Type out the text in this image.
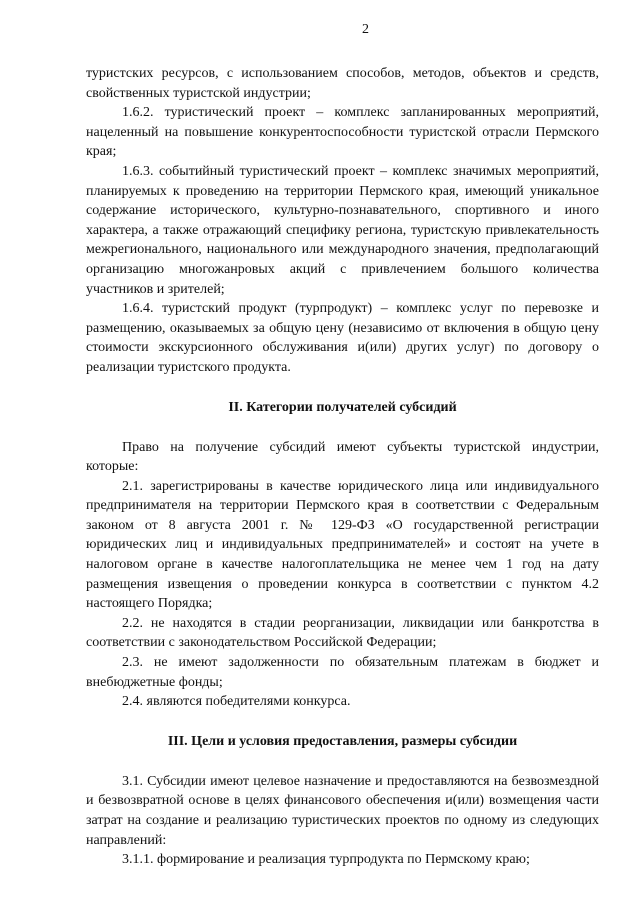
2

туристских ресурсов, с использованием способов, методов, объектов и средств, свойственных туристской индустрии;

1.6.2. туристический проект – комплекс запланированных мероприятий, нацеленный на повышение конкурентоспособности туристской отрасли Пермского края;

1.6.3. событийный туристический проект – комплекс значимых мероприятий, планируемых к проведению на территории Пермского края, имеющий уникальное содержание исторического, культурно-познавательного, спортивного и иного характера, а также отражающий специфику региона, туристскую привлекательность межрегионального, национального или международного значения, предполагающий организацию многожанровых акций с привлечением большого количества участников и зрителей;

1.6.4. туристский продукт (турпродукт) – комплекс услуг по перевозке и размещению, оказываемых за общую цену (независимо от включения в общую цену стоимости экскурсионного обслуживания и(или) других услуг) по договору о реализации туристского продукта.

II. Категории получателей субсидий

Право на получение субсидий имеют субъекты туристской индустрии, которые:

2.1. зарегистрированы в качестве юридического лица или индивидуального предпринимателя на территории Пермского края в соответствии с Федеральным законом от 8 августа 2001 г. № 129-ФЗ «О государственной регистрации юридических лиц и индивидуальных предпринимателей» и состоят на учете в налоговом органе в качестве налогоплательщика не менее чем 1 год на дату размещения извещения о проведении конкурса в соответствии с пунктом 4.2 настоящего Порядка;

2.2. не находятся в стадии реорганизации, ликвидации или банкротства в соответствии с законодательством Российской Федерации;

2.3. не имеют задолженности по обязательным платежам в бюджет и внебюджетные фонды;

2.4. являются победителями конкурса.

III. Цели и условия предоставления, размеры субсидии

3.1. Субсидии имеют целевое назначение и предоставляются на безвозмездной и безвозвратной основе в целях финансового обеспечения и(или) возмещения части затрат на создание и реализацию туристических проектов по одному из следующих направлений:

3.1.1. формирование и реализация турпродукта по Пермскому краю;
